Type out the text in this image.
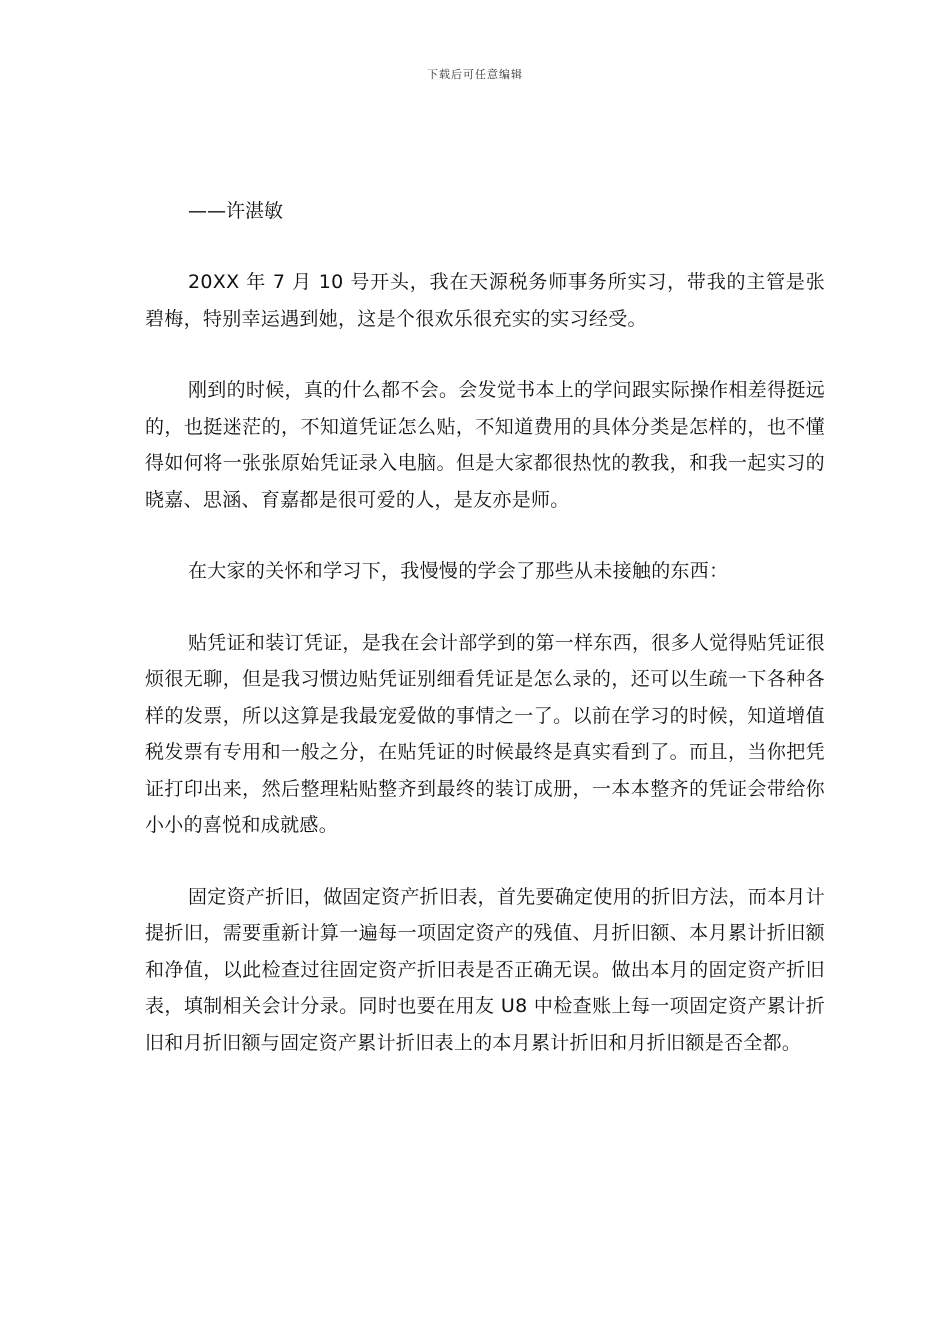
下载后可任意编辑

——许湛敏

20XX 年 7 月 10 号开头，我在天源税务师事务所实习，带我的主管是张碧梅，特别幸运遇到她，这是个很欢乐很充实的实习经受。

刚到的时候，真的什么都不会。会发觉书本上的学问跟实际操作相差得挺远的，也挺迷茫的，不知道凭证怎么贴，不知道费用的具体分类是怎样的，也不懂得如何将一张张原始凭证录入电脑。但是大家都很热忱的教我，和我一起实习的晓嘉、思涵、育嘉都是很可爱的人，是友亦是师。

在大家的关怀和学习下，我慢慢的学会了那些从未接触的东西：

贴凭证和装订凭证，是我在会计部学到的第一样东西，很多人觉得贴凭证很烦很无聊，但是我习惯边贴凭证别细看凭证是怎么录的，还可以生疏一下各种各样的发票，所以这算是我最宠爱做的事情之一了。以前在学习的时候，知道增值税发票有专用和一般之分，在贴凭证的时候最终是真实看到了。而且，当你把凭证打印出来，然后整理粘贴整齐到最终的装订成册，一本本整齐的凭证会带给你小小的喜悦和成就感。

固定资产折旧，做固定资产折旧表，首先要确定使用的折旧方法，而本月计提折旧，需要重新计算一遍每一项固定资产的残值、月折旧额、本月累计折旧额和净值，以此检查过往固定资产折旧表是否正确无误。做出本月的固定资产折旧表，填制相关会计分录。同时也要在用友 U8 中检查账上每一项固定资产累计折旧和月折旧额与固定资产累计折旧表上的本月累计折旧和月折旧额是否全都。
